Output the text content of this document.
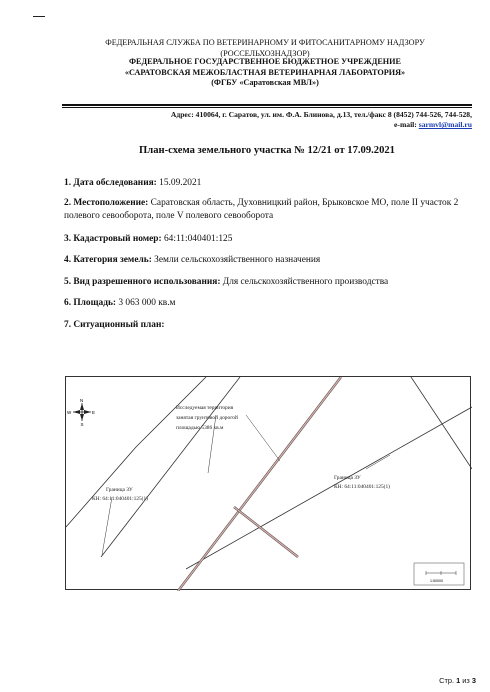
ФЕДЕРАЛЬНАЯ СЛУЖБА ПО ВЕТЕРИНАРНОМУ И ФИТОСАНИТАРНОМУ НАДЗОРУ
(РОССЕЛЬХОЗНАДЗОР)
ФЕДЕРАЛЬНОЕ ГОСУДАРСТВЕННОЕ БЮДЖЕТНОЕ УЧРЕЖДЕНИЕ
«САРАТОВСКАЯ МЕЖОБЛАСТНАЯ ВЕТЕРИНАРНАЯ ЛАБОРАТОРИЯ»
(ФГБУ «Саратовская МВЛ»)
Адрес: 410064, г. Саратов, ул. им. Ф.А. Блинова, д.13, тел./факс 8 (8452) 744-526, 744-528,
e-mail: sarmvl@mail.ru
План-схема земельного участка № 12/21 от 17.09.2021
1. Дата обследования: 15.09.2021
2. Местоположение: Саратовская область, Духовницкий район, Брыковское МО, поле II участок 2 полевого севооборота, поле V полевого севооборота
3. Кадастровый номер: 64:11:040401:125
4. Категория земель: Земли сельскохозяйственного назначения
5. Вид разрешенного использования: Для сельскохозяйственного производства
6. Площадь: 3 063 000 кв.м
7. Ситуационный план:
N
S
W	E
Исследуемая территория
занятая грунтовой дорогой
площадью 5386 кв.м
Граница ЗУ
КН: 64:11:040401:125(1)
Граница ЗУ
КН: 64:11:040401:125(1)
1:50000
Стр. 1 из 3
